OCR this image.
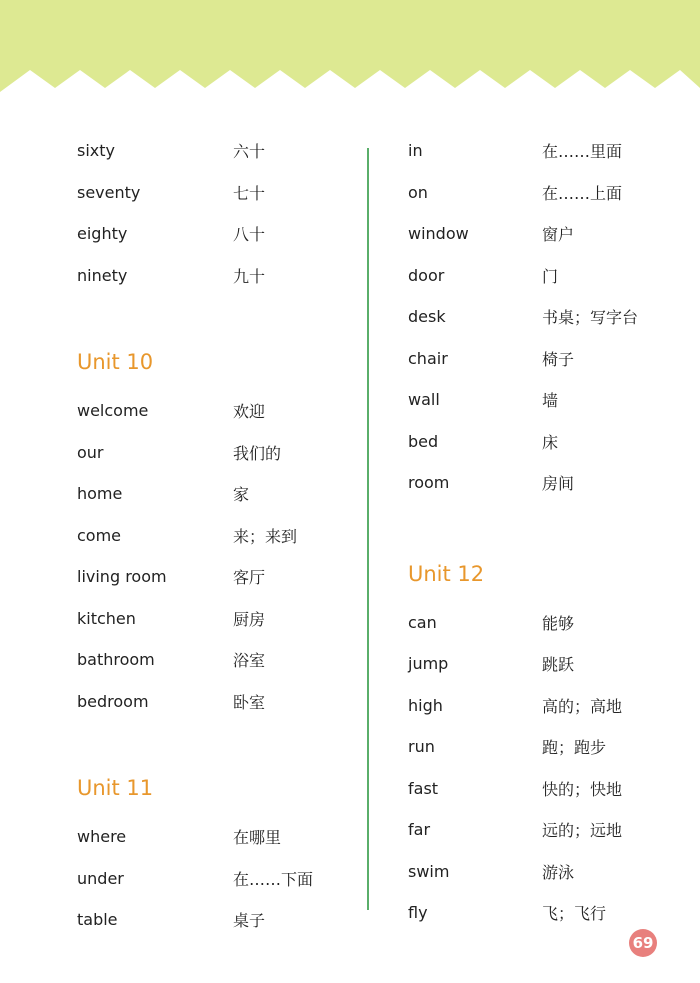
sixty	六十
seventy	七十
eighty	八十
ninety	九十
Unit 10
welcome	欢迎
our	我们的
home	家
come	来；来到
living room	客厅
kitchen	厨房
bathroom	浴室
bedroom	卧室
Unit 11
where	在哪里
under	在……下面
table	桌子
in	在……里面
on	在……上面
window	窗户
door	门
desk	书桌；写字台
chair	椅子
wall	墙
bed	床
room	房间
Unit 12
can	能够
jump	跳跃
high	高的；高地
run	跑；跑步
fast	快的；快地
far	远的；远地
swim	游泳
fly	飞；飞行
69
